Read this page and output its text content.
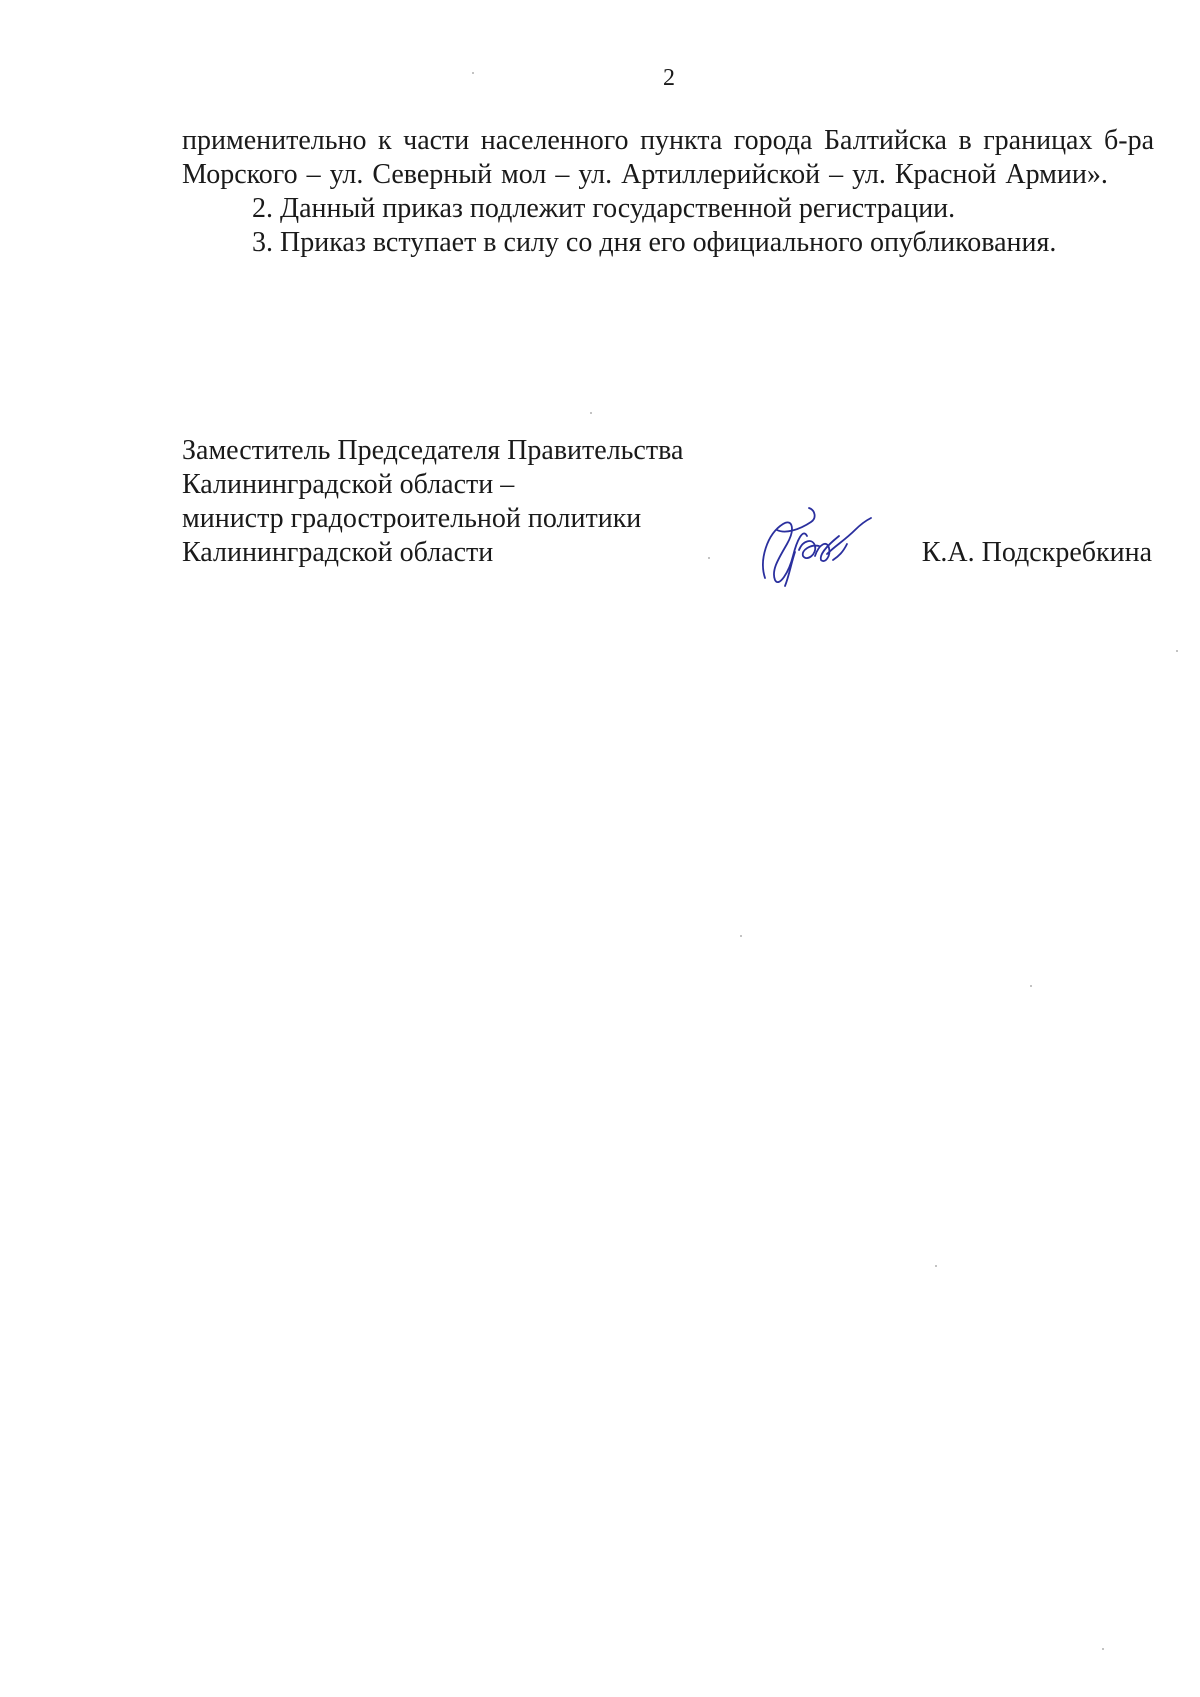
2

применительно к части населенного пункта города Балтийска в границах б-ра Морского – ул. Северный мол – ул. Артиллерийской – ул. Красной Армии».

2. Данный приказ подлежит государственной регистрации.

3. Приказ вступает в силу со дня его официального опубликования.

Заместитель Председателя Правительства
Калининградской области –
министр градостроительной политики
Калининградской области	К.А. Подскребкина
